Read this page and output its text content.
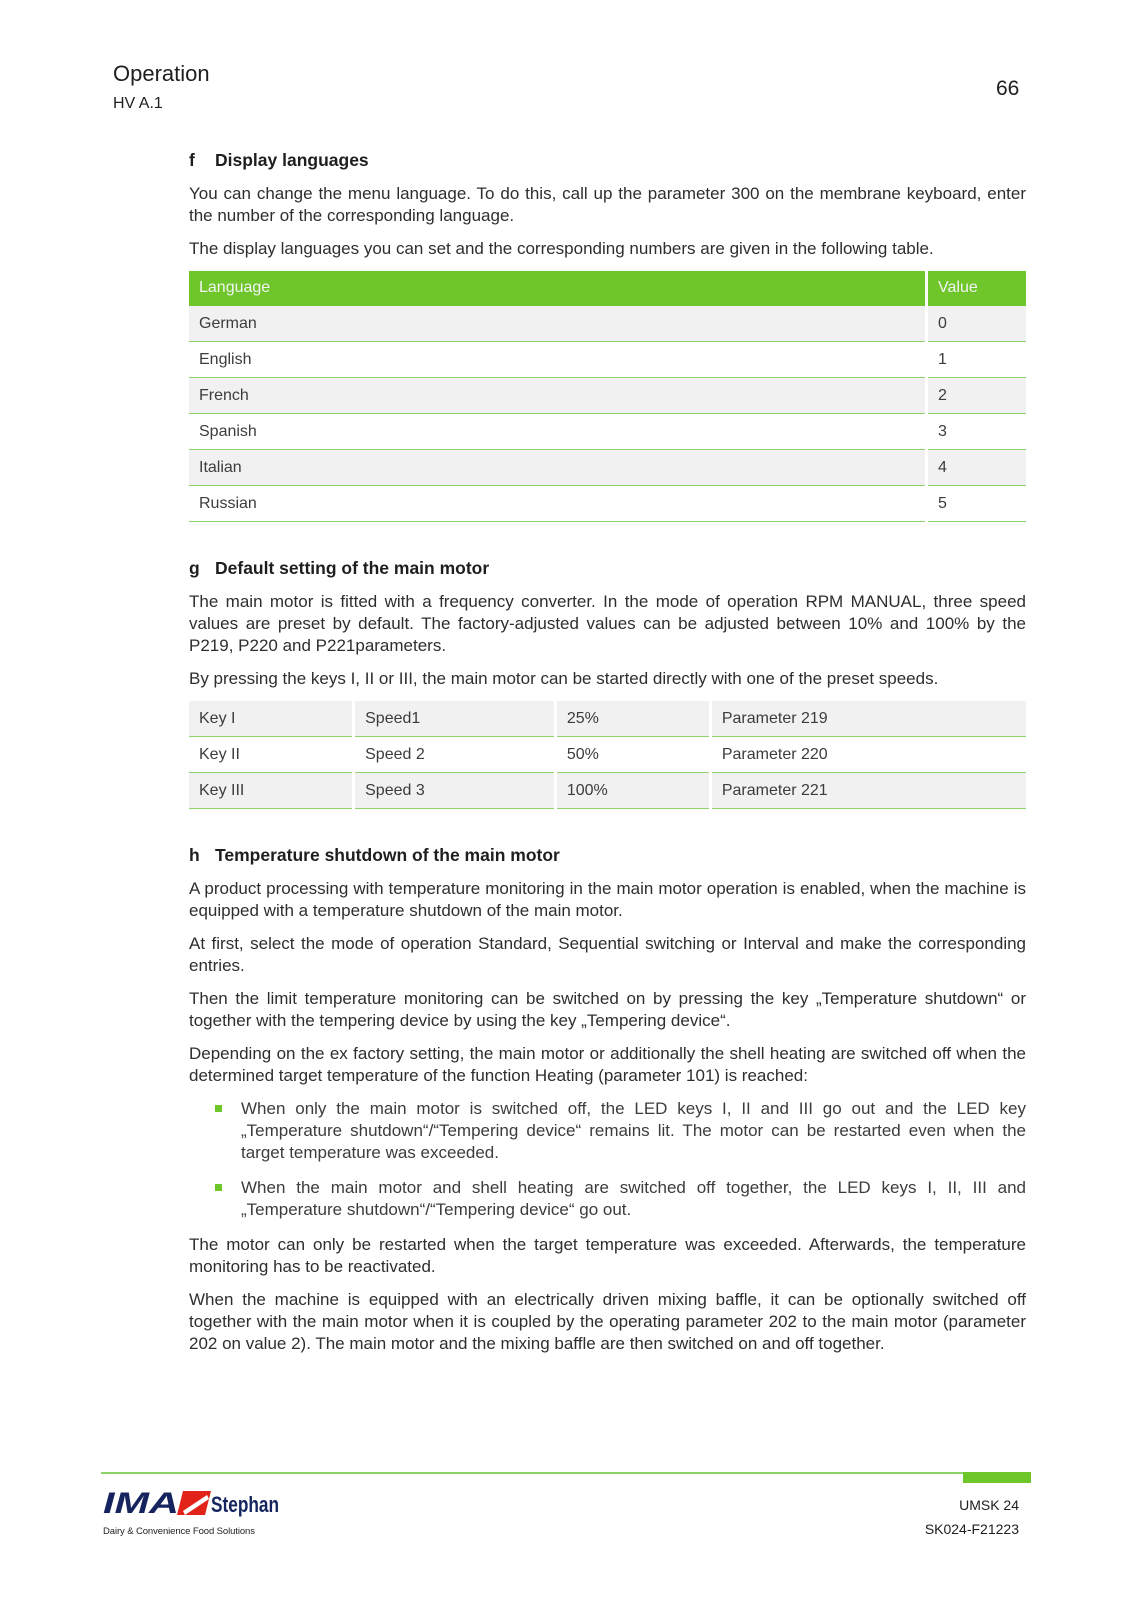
Operation
HV A.1
66
f Display languages

You can change the menu language. To do this, call up the parameter 300 on the membrane keyboard, enter the number of the corresponding language.

The display languages you can set and the corresponding numbers are given in the following table.

Language	Value
German	0
English	1
French	2
Spanish	3
Italian	4
Russian	5
g Default setting of the main motor

The main motor is fitted with a frequency converter. In the mode of operation RPM MANUAL, three speed values are preset by default. The factory-adjusted values can be adjusted between 10% and 100% by the P219, P220 and P221parameters.

By pressing the keys I, II or III, the main motor can be started directly with one of the preset speeds.

Key I	Speed1	25%	Parameter 219
Key II	Speed 2	50%	Parameter 220
Key III	Speed 3	100%	Parameter 221
h Temperature shutdown of the main motor

A product processing with temperature monitoring in the main motor operation is enabled, when the machine is equipped with a temperature shutdown of the main motor.

At first, select the mode of operation Standard, Sequential switching or Interval and make the corresponding entries.

Then the limit temperature monitoring can be switched on by pressing the key „Temperature shutdown“ or together with the tempering device by using the key „Tempering device“.

Depending on the ex factory setting, the main motor or additionally the shell heating are switched off when the determined target temperature of the function Heating (parameter 101) is reached:

When only the main motor is switched off, the LED keys I, II and III go out and the LED key „Temperature shutdown“/“Tempering device“ remains lit. The motor can be restarted even when the target temperature was exceeded.
When the main motor and shell heating are switched off together, the LED keys I, II, III and „Temperature shutdown“/“Tempering device“ go out.

The motor can only be restarted when the target temperature was exceeded. Afterwards, the temperature monitoring has to be reactivated.

When the machine is equipped with an electrically driven mixing baffle, it can be optionally switched off together with the main motor when it is coupled by the operating parameter 202 to the main motor (parameter 202 on value 2). The main motor and the mixing baffle are then switched on and off together.

IMA Stephan
Dairy & Convenience Food Solutions
UMSK 24
SK024-F21223
